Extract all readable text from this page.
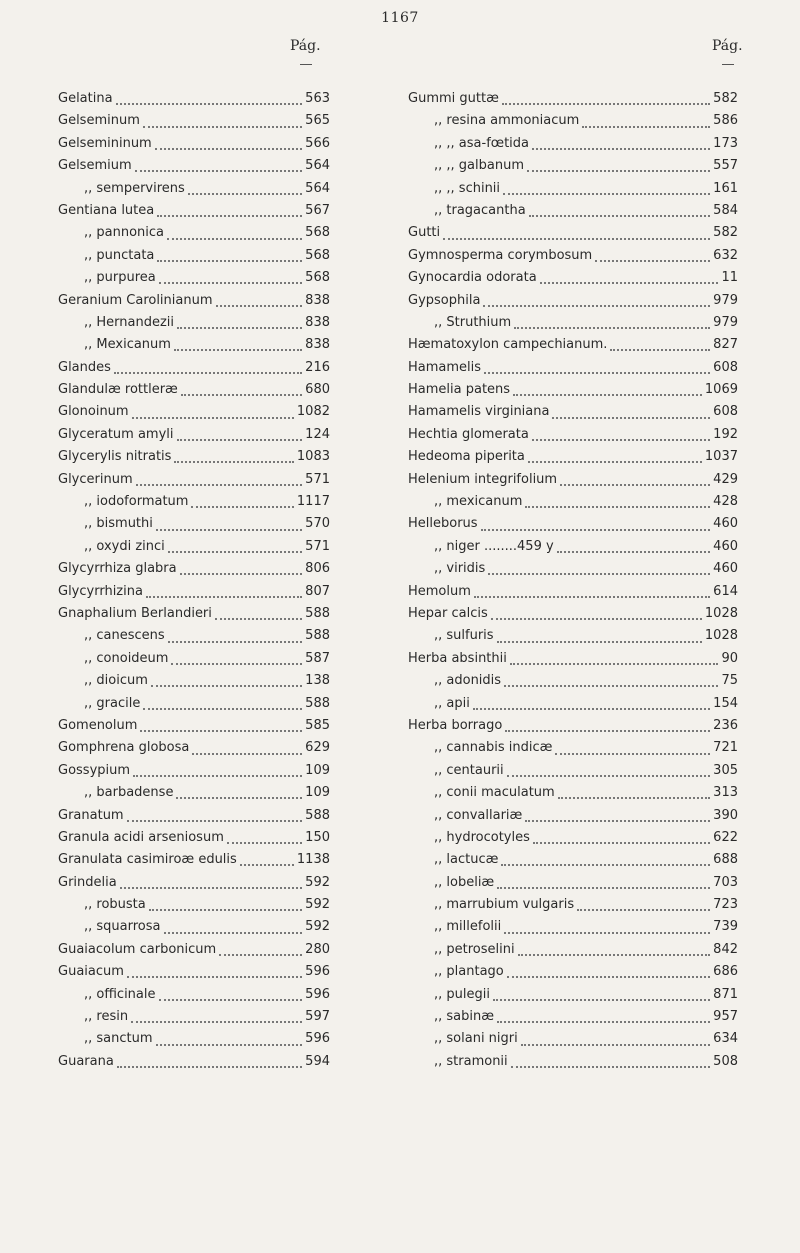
1167
Pág.	Pág.
Gelatina	563
Gelseminum	565
Gelsemininum	566
Gelsemium	564
,, sempervirens	564
Gentiana lutea	567
,, pannonica	568
,, punctata	568
,, purpurea	568
Geranium Carolinianum	838
,, Hernandezii	838
,, Mexicanum	838
Glandes	216
Glandulæ rottleræ	680
Glonoinum	1082
Glyceratum amyli	124
Glycerylis nitratis	1083
Glycerinum	571
,, iodoformatum	1117
,, bismuthi	570
,, oxydi zinci	571
Glycyrrhiza glabra	806
Glycyrrhizina	807
Gnaphalium Berlandieri	588
,, canescens	588
,, conoideum	587
,, dioicum	138
,, gracile	588
Gomenolum	585
Gomphrena globosa	629
Gossypium	109
,, barbadense	109
Granatum	588
Granula acidi arseniosum	150
Granulata casimiroæ edulis	1138
Grindelia	592
,, robusta	592
,, squarrosa	592
Guaiacolum carbonicum	280
Guaiacum	596
,, officinale	596
,, resin	597
,, sanctum	596
Guarana	594
Gummi guttæ	582
,, resina ammoniacum	586
,, ,, asa-fœtida	173
,, ,, galbanum	557
,, ,, schinii	161
,, tragacantha	584
Gutti	582
Gymnosperma corymbosum	632
Gynocardia odorata	11
Gypsophila	979
,, Struthium	979
Hæmatoxylon campechianum.	827
Hamamelis	608
Hamelia patens	1069
Hamamelis virginiana	608
Hechtia glomerata	192
Hedeoma piperita	1037
Helenium integrifolium	429
,, mexicanum	428
Helleborus	460
,, niger ........459 y	460
,, viridis	460
Hemolum	614
Hepar calcis	1028
,, sulfuris	1028
Herba absinthii	90
,, adonidis	75
,, apii	154
Herba borrago	236
,, cannabis indicæ	721
,, centaurii	305
,, conii maculatum	313
,, convallariæ	390
,, hydrocotyles	622
,, lactucæ	688
,, lobeliæ	703
,, marrubium vulgaris	723
,, millefolii	739
,, petroselini	842
,, plantago	686
,, pulegii	871
,, sabinæ	957
,, solani nigri	634
,, stramonii	508
